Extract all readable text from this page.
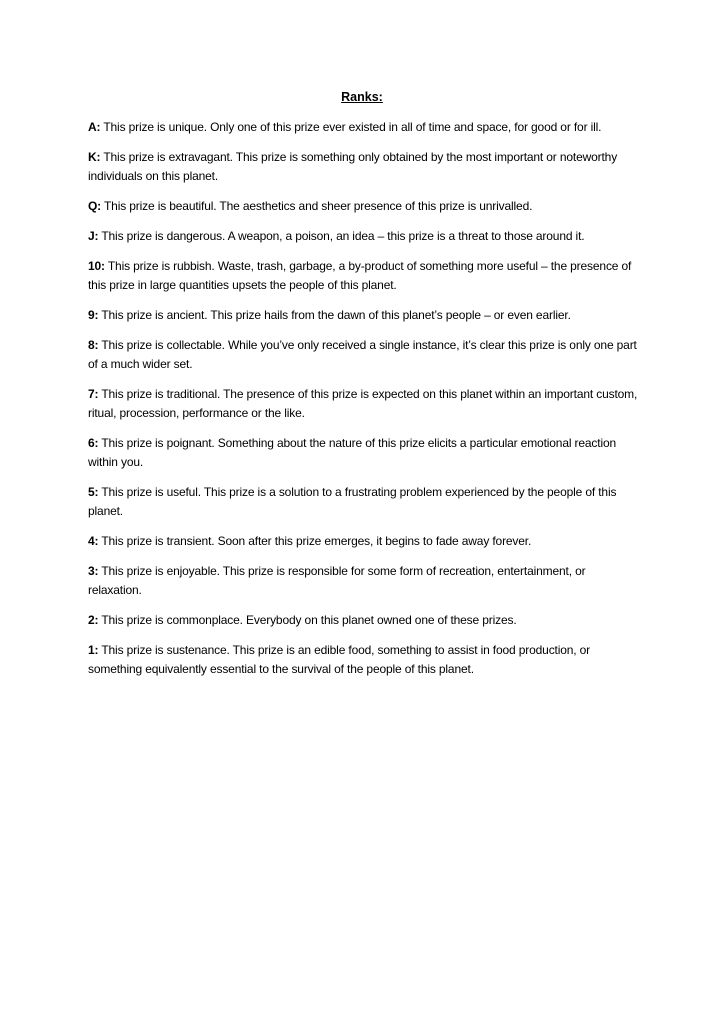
Ranks:

A: This prize is unique. Only one of this prize ever existed in all of time and space, for good or for ill.

K: This prize is extravagant. This prize is something only obtained by the most important or noteworthy individuals on this planet.

Q: This prize is beautiful. The aesthetics and sheer presence of this prize is unrivalled.

J: This prize is dangerous. A weapon, a poison, an idea – this prize is a threat to those around it.

10: This prize is rubbish. Waste, trash, garbage, a by-product of something more useful – the presence of this prize in large quantities upsets the people of this planet.

9: This prize is ancient. This prize hails from the dawn of this planet’s people – or even earlier.

8: This prize is collectable. While you’ve only received a single instance, it’s clear this prize is only one part of a much wider set.

7: This prize is traditional. The presence of this prize is expected on this planet within an important custom, ritual, procession, performance or the like.

6: This prize is poignant. Something about the nature of this prize elicits a particular emotional reaction within you.

5: This prize is useful. This prize is a solution to a frustrating problem experienced by the people of this planet.

4: This prize is transient. Soon after this prize emerges, it begins to fade away forever.

3: This prize is enjoyable. This prize is responsible for some form of recreation, entertainment, or relaxation.

2: This prize is commonplace. Everybody on this planet owned one of these prizes.

1: This prize is sustenance. This prize is an edible food, something to assist in food production, or something equivalently essential to the survival of the people of this planet.
